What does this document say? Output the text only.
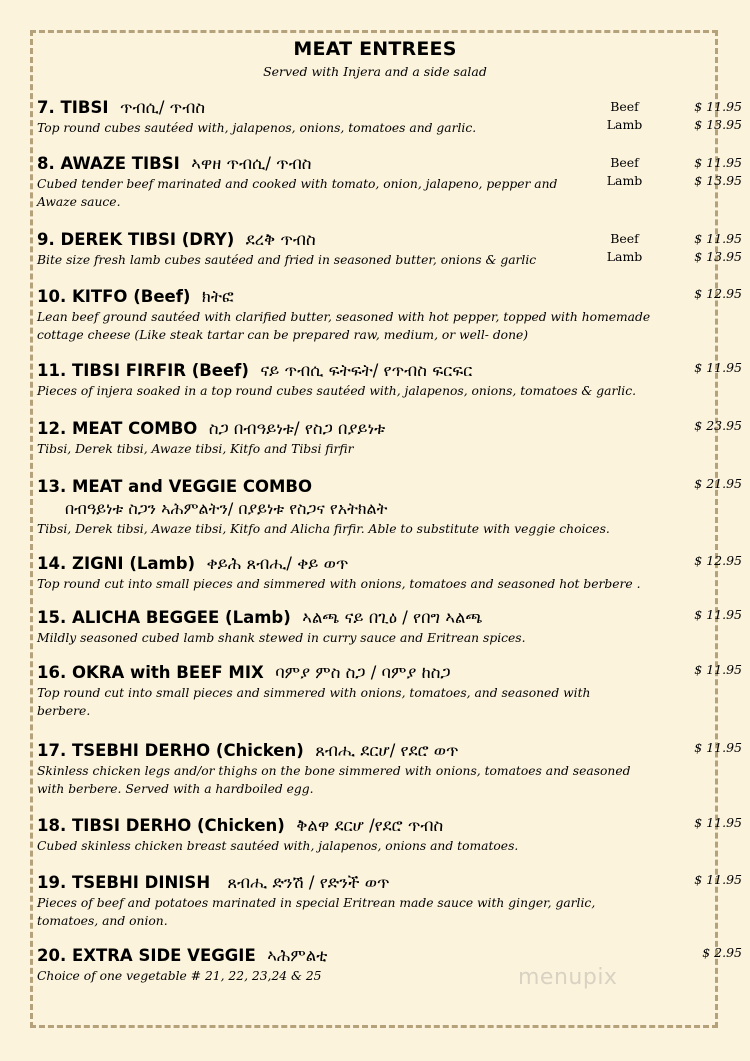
MEAT ENTREES
Served with Injera and a side salad
7. TIBSI ጥብሲ/ ጥብስ
Top round cubes sautéed with, jalapenos, onions, tomatoes and garlic.
Beef	$ 11.95
Lamb	$ 13.95
8. AWAZE TIBSI ኣዋዘ ጥብሲ/ ጥብስ
Cubed tender beef marinated and cooked with tomato, onion, jalapeno, pepper and Awaze sauce.
Beef	$ 11.95
Lamb	$ 13.95
9. DEREK TIBSI (DRY) ደረቅ ጥብስ
Bite size fresh lamb cubes sautéed and fried in seasoned butter, onions & garlic
Beef	$ 11.95
Lamb	$ 13.95
10. KITFO (Beef) ክትፎ
Lean beef ground sautéed with clarified butter, seasoned with hot pepper, topped with homemade cottage cheese (Like steak tartar can be prepared raw, medium, or well- done)
$ 12.95
11. TIBSI FIRFIR (Beef) ናይ ጥብሲ ፍትፍት/ የጥብስ ፍርፍር
Pieces of injera soaked in a top round cubes sautéed with, jalapenos, onions, tomatoes & garlic.
$ 11.95
12. MEAT COMBO ስጋ በብዓይነቱ/ የስጋ በያይነቱ
Tibsi, Derek tibsi, Awaze tibsi, Kitfo and Tibsi firfir
$ 23.95
13. MEAT and VEGGIE COMBO
በብዓይነቱ ስጋን ኣሕምልትን/ በያይነቱ የስጋና የአትክልት
Tibsi, Derek tibsi, Awaze tibsi, Kitfo and Alicha firfir. Able to substitute with veggie choices.
$ 21.95
14. ZIGNI (Lamb) ቀይሕ ጸብሒ/ ቀይ ወጥ
Top round cut into small pieces and simmered with onions, tomatoes and seasoned hot berbere .
$ 12.95
15. ALICHA BEGGEE (Lamb) ኣልጫ ናይ በጊዕ / የበግ ኣልጫ
Mildly seasoned cubed lamb shank stewed in curry sauce and Eritrean spices.
$ 11.95
16. OKRA with BEEF MIX ባምያ ምስ ስጋ / ባምያ ከስጋ
Top round cut into small pieces and simmered with onions, tomatoes, and seasoned with berbere.
$ 11.95
17. TSEBHI DERHO (Chicken) ጸብሒ ደርሆ/ የደሮ ወጥ
Skinless chicken legs and/or thighs on the bone simmered with onions, tomatoes and seasoned with berbere. Served with a hardboiled egg.
$ 11.95
18. TIBSI DERHO (Chicken) ቅልዋ ደርሆ /የደሮ ጥብስ
Cubed skinless chicken breast sautéed with, jalapenos, onions and tomatoes.
$ 11.95
19. TSEBHI DINISH ጸብሒ ድንሽ / የድንች ወጥ
Pieces of beef and potatoes marinated in special Eritrean made sauce with ginger, garlic, tomatoes, and onion.
$ 11.95
20. EXTRA SIDE VEGGIE ኣሕምልቲ
Choice of one vegetable # 21, 22, 23,24 & 25
$ 2.95
menupix
